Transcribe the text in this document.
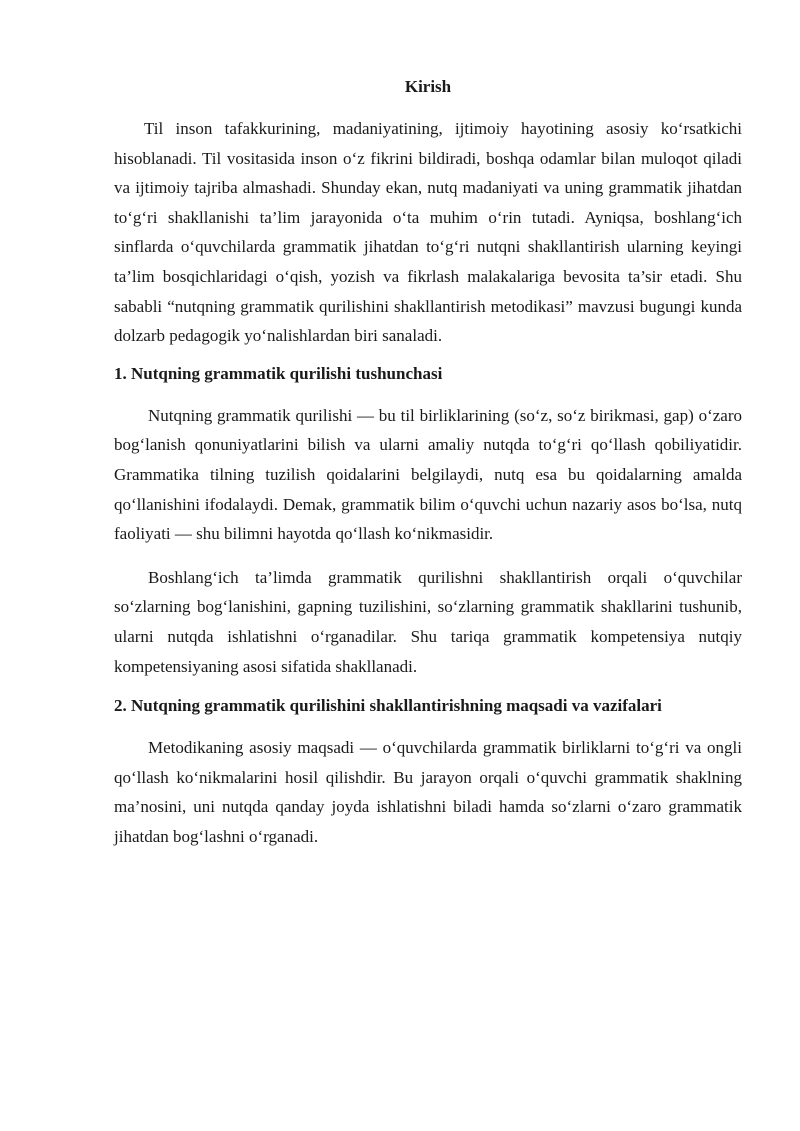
Kirish

Til inson tafakkurining, madaniyatining, ijtimoiy hayotining asosiy ko‘rsatkichi hisoblanadi. Til vositasida inson o‘z fikrini bildiradi, boshqa odamlar bilan muloqot qiladi va ijtimoiy tajriba almashadi. Shunday ekan, nutq madaniyati va uning grammatik jihatdan to‘g‘ri shakllanishi ta’lim jarayonida o‘ta muhim o‘rin tutadi. Ayniqsa, boshlang‘ich sinflarda o‘quvchilarda grammatik jihatdan to‘g‘ri nutqni shakllantirish ularning keyingi ta’lim bosqichlaridagi o‘qish, yozish va fikrlash malakalariga bevosita ta’sir etadi. Shu sababli “nutqning grammatik qurilishini shakllantirish metodikasi” mavzusi bugungi kunda dolzarb pedagogik yo‘nalishlardan biri sanaladi.

1. Nutqning grammatik qurilishi tushunchasi

Nutqning grammatik qurilishi — bu til birliklarining (so‘z, so‘z birikmasi, gap) o‘zaro bog‘lanish qonuniyatlarini bilish va ularni amaliy nutqda to‘g‘ri qo‘llash qobiliyatidir. Grammatika tilning tuzilish qoidalarini belgilaydi, nutq esa bu qoidalarning amalda qo‘llanishini ifodalaydi. Demak, grammatik bilim o‘quvchi uchun nazariy asos bo‘lsa, nutq faoliyati — shu bilimni hayotda qo‘llash ko‘nikmasidir.

Boshlang‘ich ta’limda grammatik qurilishni shakllantirish orqali o‘quvchilar so‘zlarning bog‘lanishini, gapning tuzilishini, so‘zlarning grammatik shakllarini tushunib, ularni nutqda ishlatishni o‘rganadilar. Shu tariqa grammatik kompetensiya nutqiy kompetensiyaning asosi sifatida shakllanadi.

2. Nutqning grammatik qurilishini shakllantirishning maqsadi va vazifalari

Metodikaning asosiy maqsadi — o‘quvchilarda grammatik birliklarni to‘g‘ri va ongli qo‘llash ko‘nikmalarini hosil qilishdir. Bu jarayon orqali o‘quvchi grammatik shaklning ma’nosini, uni nutqda qanday joyda ishlatishni biladi hamda so‘zlarni o‘zaro grammatik jihatdan bog‘lashni o‘rganadi.
